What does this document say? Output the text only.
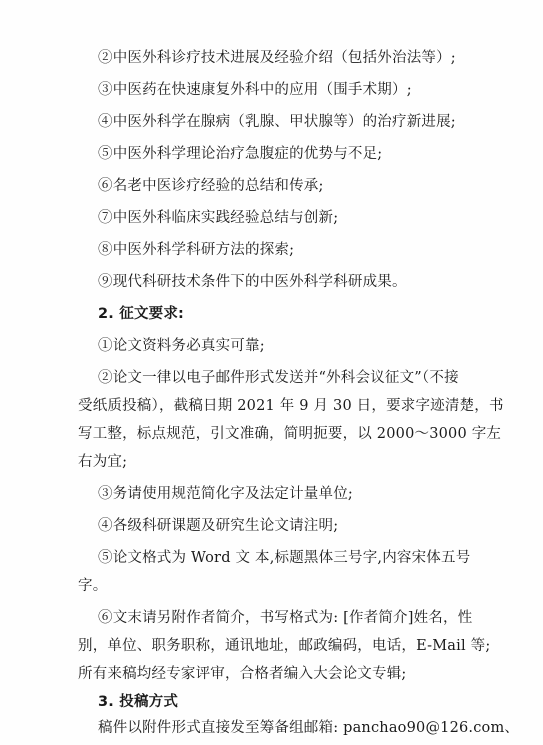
②中医外科诊疗技术进展及经验介绍（包括外治法等）;
③中医药在快速康复外科中的应用（围手术期）;
④中医外科学在腺病（乳腺、甲状腺等）的治疗新进展;
⑤中医外科学理论治疗急腹症的优势与不足;
⑥名老中医诊疗经验的总结和传承;
⑦中医外科临床实践经验总结与创新;
⑧中医外科学科研方法的探索;
⑨现代科研技术条件下的中医外科学科研成果。
2. 征文要求:
①论文资料务必真实可靠;
②论文一律以电子邮件形式发送并“外科会议征文”（不接
受纸质投稿），截稿日期 2021 年 9 月 30 日，要求字迹清楚，书
写工整，标点规范，引文准确，简明扼要，以 2000～3000 字左
右为宜;
③务请使用规范简化字及法定计量单位;
④各级科研课题及研究生论文请注明;
⑤论文格式为 Word 文 本,标题黑体三号字,内容宋体五号
字。
⑥文末请另附作者简介，书写格式为: [作者简介]姓名，性
别，单位、职务职称，通讯地址，邮政编码，电话，E-Mail 等;
所有来稿均经专家评审，合格者编入大会论文专辑;
3. 投稿方式
稿件以附件形式直接发至筹备组邮箱: panchao90@126.com、
